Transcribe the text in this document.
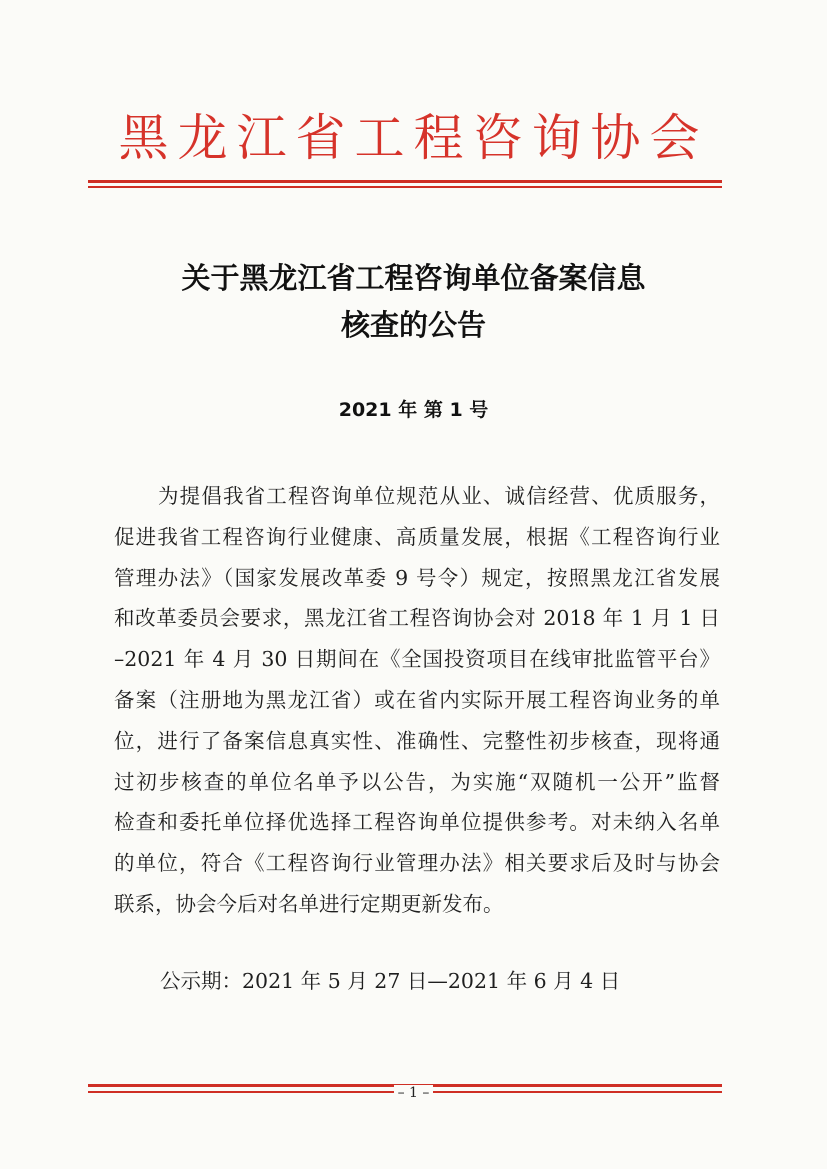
黑龙江省工程咨询协会
关于黑龙江省工程咨询单位备案信息
核查的公告
2021 年 第 1 号
为提倡我省工程咨询单位规范从业、诚信经营、优质服务，
促进我省工程咨询行业健康、高质量发展，根据《工程咨询行业
管理办法》（国家发展改革委 9 号令）规定，按照黑龙江省发展
和改革委员会要求，黑龙江省工程咨询协会对 2018 年 1 月 1 日
–2021 年 4 月 30 日期间在《全国投资项目在线审批监管平台》
备案（注册地为黑龙江省）或在省内实际开展工程咨询业务的单
位，进行了备案信息真实性、准确性、完整性初步核查，现将通
过初步核查的单位名单予以公告，为实施“双随机一公开”监督
检查和委托单位择优选择工程咨询单位提供参考。对未纳入名单
的单位，符合《工程咨询行业管理办法》相关要求后及时与协会
联系，协会今后对名单进行定期更新发布。
公示期：2021 年 5 月 27 日—2021 年 6 月 4 日
– 1 –
